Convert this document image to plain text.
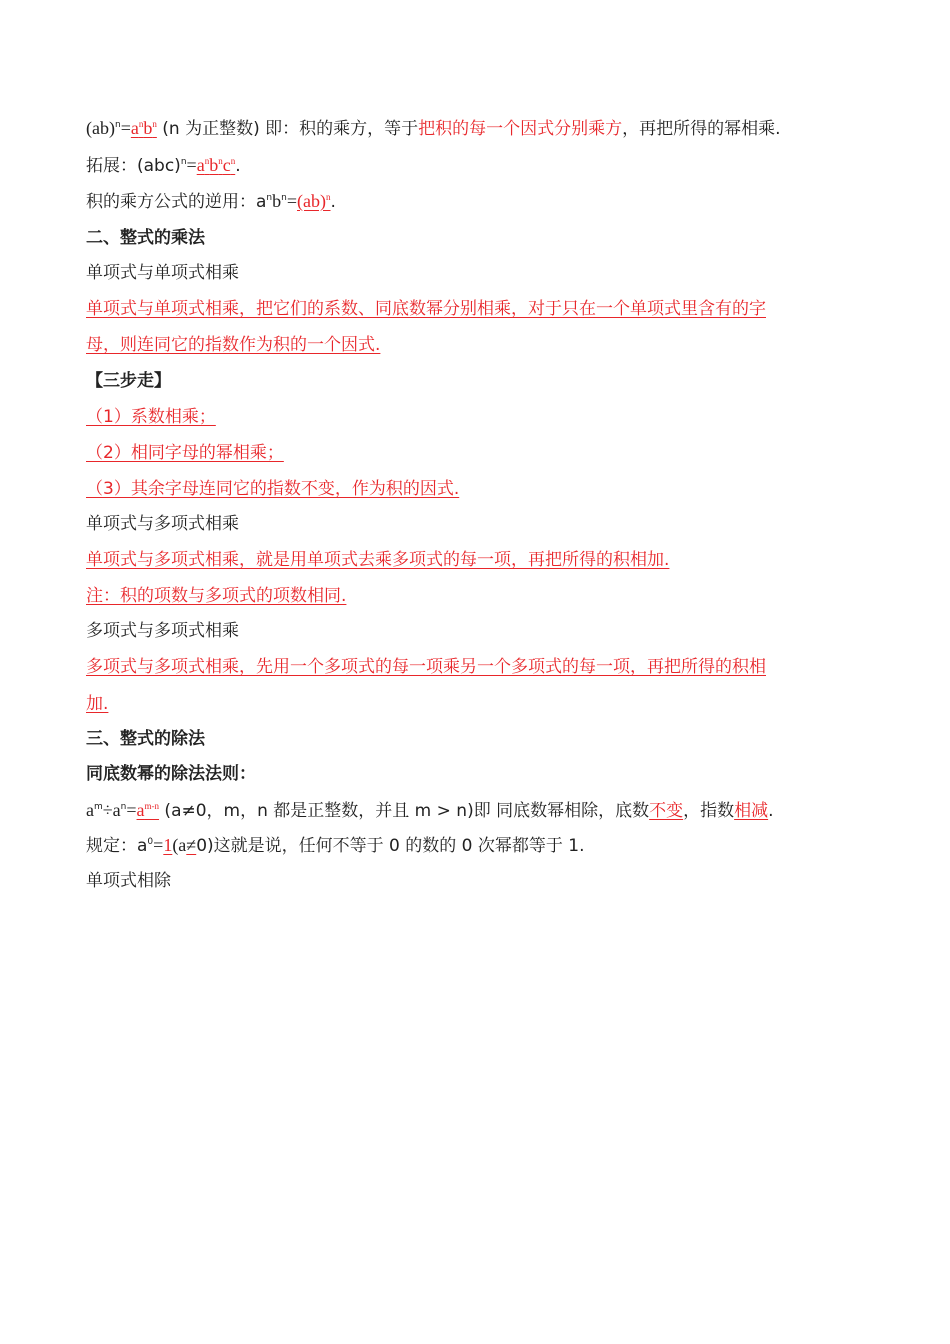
$(ab)^n=a^nb^n$ (n 为正整数) 即：积的乘方，等于把积的每一个因式分别乘方，再把所得的幂相乘.
拓展：$(abc)^n=a^nb^nc^n$.
积的乘方公式的逆用：$a^nb^n=(ab)^n$.
二、整式的乘法
单项式与单项式相乘
单项式与单项式相乘，把它们的系数、同底数幂分别相乘，对于只在一个单项式里含有的字
母，则连同它的指数作为积的一个因式.
【三步走】
（1）系数相乘；
（2）相同字母的幂相乘；
（3）其余字母连同它的指数不变，作为积的因式.
单项式与多项式相乘
单项式与多项式相乘，就是用单项式去乘多项式的每一项，再把所得的积相加.
注：积的项数与多项式的项数相同.
多项式与多项式相乘
多项式与多项式相乘，先用一个多项式的每一项乘另一个多项式的每一项，再把所得的积相
加.
三、整式的除法
同底数幂的除法法则：
$a^m\div a^n=a^{m-n}$ (a≠0，m，n 都是正整数，并且 m > n)即 同底数幂相除，底数不变，指数相减.
规定：$a^0=1(a\ne 0)$这就是说，任何不等于 0 的数的 0 次幂都等于 1.
单项式相除
